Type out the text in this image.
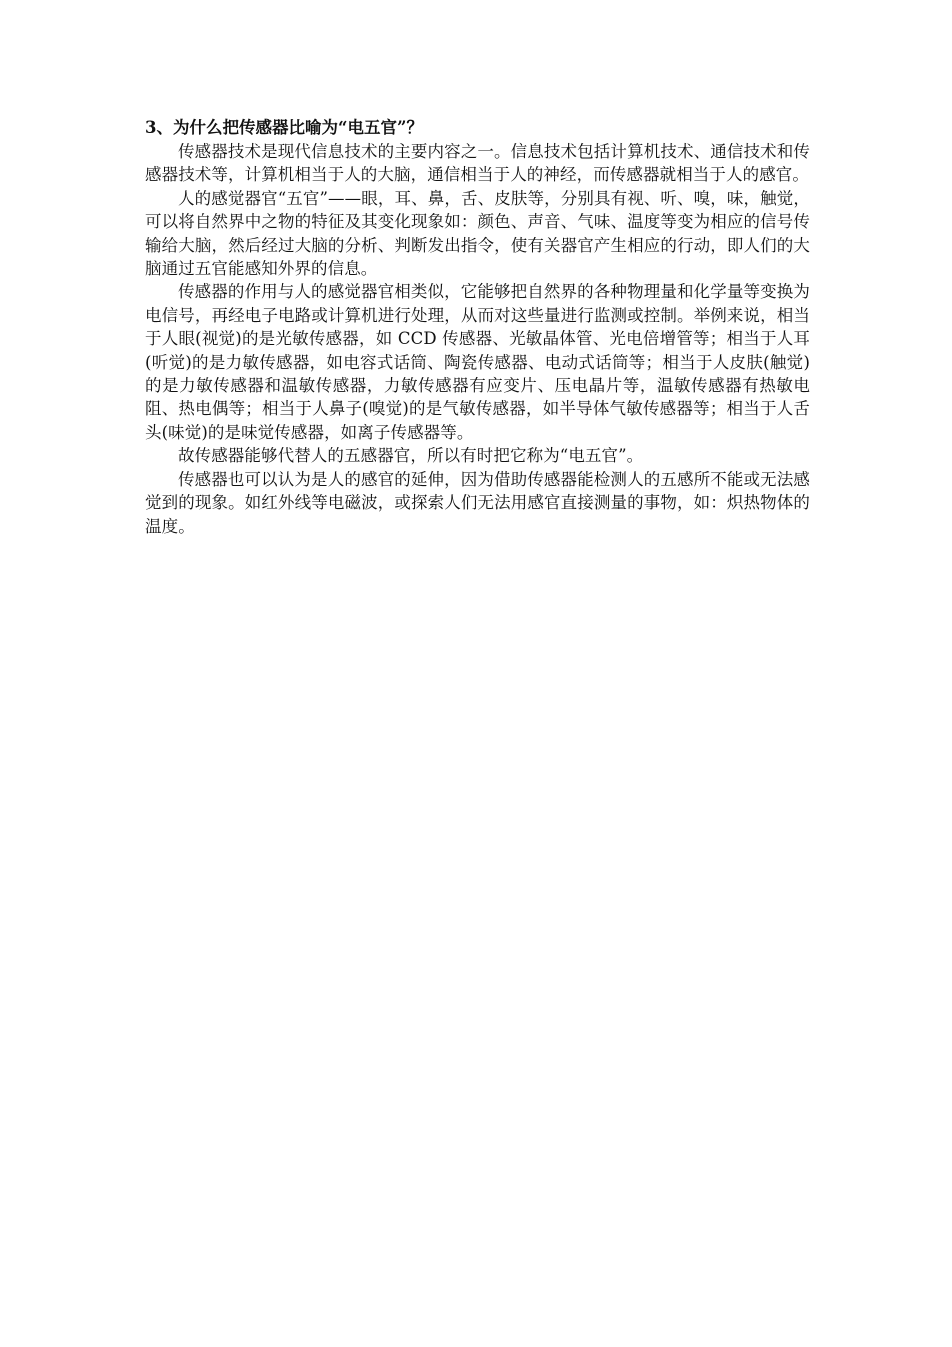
3、为什么把传感器比喻为“电五官”？

传感器技术是现代信息技术的主要内容之一。信息技术包括计算机技术、通信技术和传感器技术等，计算机相当于人的大脑，通信相当于人的神经，而传感器就相当于人的感官。

人的感觉器官“五官”——眼，耳、鼻，舌、皮肤等，分别具有视、听、嗅，味，触觉，可以将自然界中之物的特征及其变化现象如：颜色、声音、气味、温度等变为相应的信号传输给大脑，然后经过大脑的分析、判断发出指令，使有关器官产生相应的行动，即人们的大脑通过五官能感知外界的信息。

传感器的作用与人的感觉器官相类似，它能够把自然界的各种物理量和化学量等变换为电信号，再经电子电路或计算机进行处理，从而对这些量进行监测或控制。举例来说，相当于人眼(视觉)的是光敏传感器，如 CCD 传感器、光敏晶体管、光电倍增管等；相当于人耳(听觉)的是力敏传感器，如电容式话筒、陶瓷传感器、电动式话筒等；相当于人皮肤(触觉)的是力敏传感器和温敏传感器，力敏传感器有应变片、压电晶片等，温敏传感器有热敏电阻、热电偶等；相当于人鼻子(嗅觉)的是气敏传感器，如半导体气敏传感器等；相当于人舌头(味觉)的是味觉传感器，如离子传感器等。

故传感器能够代替人的五感器官，所以有时把它称为“电五官”。

传感器也可以认为是人的感官的延伸，因为借助传感器能检测人的五感所不能或无法感觉到的现象。如红外线等电磁波，或探索人们无法用感官直接测量的事物，如：炽热物体的温度。
